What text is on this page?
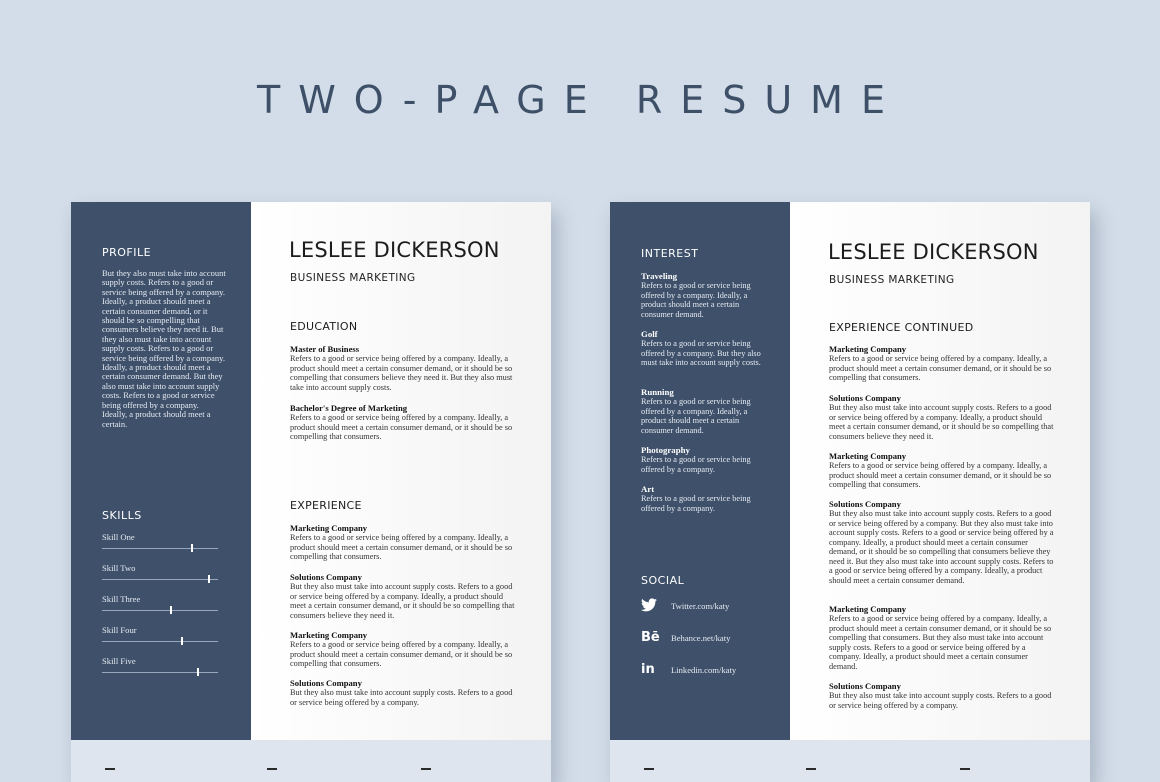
TWO-PAGE RESUME
PROFILE
But they also must take into account supply costs. Refers to a good or service being offered by a company. Ideally, a product should meet a certain consumer demand, or it should be so compelling that consumers believe they need it. But they also must take into account supply costs. Refers to a good or service being offered by a company. Ideally, a product should meet a certain consumer demand. But they also must take into account supply costs. Refers to a good or service being offered by a company. Ideally, a product should meet a certain.
SKILLS
Skill One
Skill Two
Skill Three
Skill Four
Skill Five
LESLEE DICKERSON
BUSINESS MARKETING
EDUCATION
Master of Business
Refers to a good or service being offered by a company. Ideally, a product should meet a certain consumer demand, or it should be so compelling that consumers believe they need it. But they also must take into account supply costs.
Bachelor's Degree of Marketing
Refers to a good or service being offered by a company. Ideally, a product should meet a certain consumer demand, or it should be so compelling that consumers.
EXPERIENCE
Marketing Company
Refers to a good or service being offered by a company. Ideally, a product should meet a certain consumer demand, or it should be so compelling that consumers.
Solutions Company
But they also must take into account supply costs. Refers to a good or service being offered by a company. Ideally, a product should meet a certain consumer demand, or it should be so compelling that consumers believe they need it.
Marketing Company
Refers to a good or service being offered by a company. Ideally, a product should meet a certain consumer demand, or it should be so compelling that consumers.
Solutions Company
But they also must take into account supply costs. Refers to a good or service being offered by a company.
INTEREST
Traveling
Refers to a good or service being offered by a company. Ideally, a product should meet a certain consumer demand.
Golf
Refers to a good or service being offered by a company. But they also must take into account supply costs.
Running
Refers to a good or service being offered by a company. Ideally, a product should meet a certain consumer demand.
Photography
Refers to a good or service being offered by a company.
Art
Refers to a good or service being offered by a company.
SOCIAL
Twitter.com/katy
Bē Behance.net/katy
in	Linkedin.com/katy
LESLEE DICKERSON
BUSINESS MARKETING
EXPERIENCE CONTINUED
Marketing Company
Refers to a good or service being offered by a company. Ideally, a product should meet a certain consumer demand, or it should be so compelling that consumers.
Solutions Company
But they also must take into account supply costs. Refers to a good or service being offered by a company. Ideally, a product should meet a certain consumer demand, or it should be so compelling that consumers believe they need it.
Marketing Company
Refers to a good or service being offered by a company. Ideally, a product should meet a certain consumer demand, or it should be so compelling that consumers.
Solutions Company
But they also must take into account supply costs. Refers to a good or service being offered by a company. But they also must take into account supply costs. Refers to a good or service being offered by a company. Ideally, a product should meet a certain consumer demand, or it should be so compelling that consumers believe they need it. But they also must take into account supply costs. Refers to a good or service being offered by a company. Ideally, a product should meet a certain consumer demand.
Marketing Company
Refers to a good or service being offered by a company. Ideally, a product should meet a certain consumer demand, or it should be so compelling that consumers. But they also must take into account supply costs. Refers to a good or service being offered by a company. Ideally, a product should meet a certain consumer demand.
Solutions Company
But they also must take into account supply costs. Refers to a good or service being offered by a company.
